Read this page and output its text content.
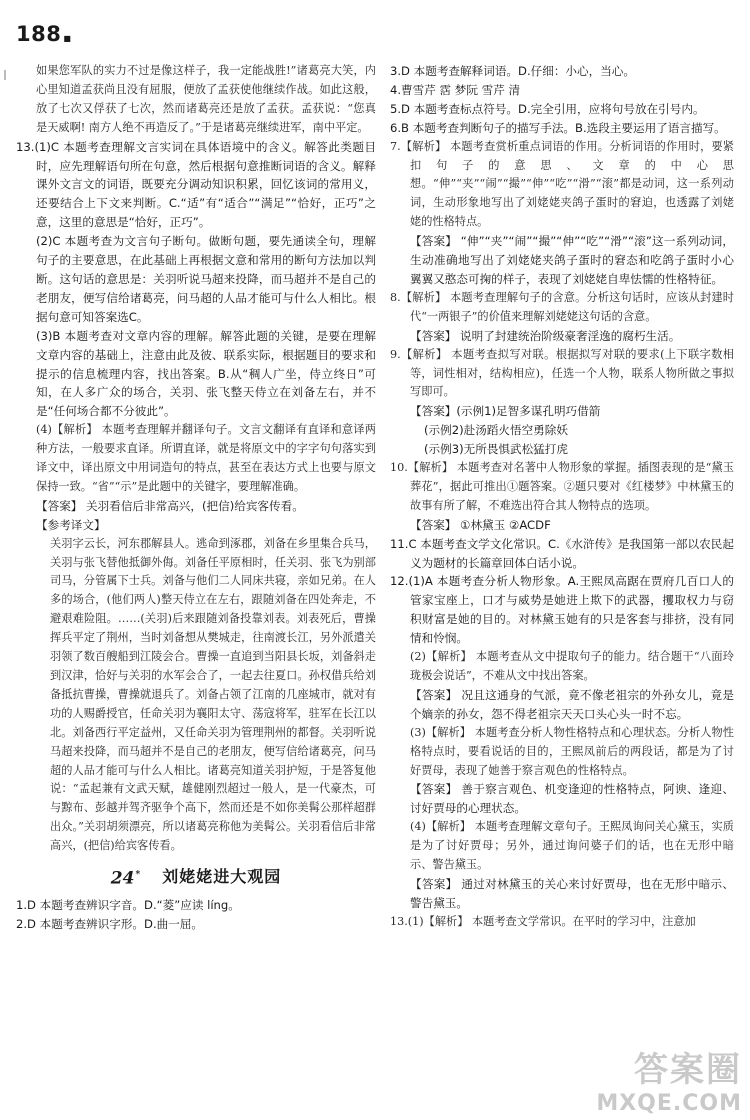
188 ■

如果您军队的实力不过是像这样子，我一定能战胜!”诸葛亮大笑，内心里知道孟获尚且没有屈服，便放了孟获使他继续作战。如此这般，放了七次又俘获了七次，然而诸葛亮还是放了孟获。孟获说：“您真是天威啊! 南方人绝不再造反了。”于是诸葛亮继续进军，南中平定。

13.(1)C 本题考查理解文言实词在具体语境中的含义。解答此类题目时，应先理解语句所在句意，然后根据句意推断词语的含义。解释课外文言文的词语，既要充分调动知识积累，回忆该词的常用义，还要结合上下文来判断。C.“适”有“适合”“满足”“恰好，正巧”之意，这里的意思是“恰好，正巧”。

(2)C 本题考查为文言句子断句。做断句题，要先通读全句，理解句子的主要意思，在此基础上再根据文意和常用的断句方法加以判断。这句话的意思是：关羽听说马超来投降，而马超并不是自己的老朋友，便写信给诸葛亮，问马超的人品才能可与什么人相比。根据句意可知答案选C。

(3)B 本题考查对文章内容的理解。解答此题的关键，是要在理解文章内容的基础上，注意由此及彼、联系实际，根据题目的要求和提示的信息梳理内容，找出答案。B.从“稠人广坐，侍立终日”可知，在人多广众的场合，关羽、张飞整天侍立在刘备左右，并不是“任何场合都不分彼此”。

(4)【解析】 本题考查理解并翻译句子。文言文翻译有直译和意译两种方法，一般要求直译。所谓直译，就是将原文中的字字句句落实到译文中，译出原文中用词造句的特点，甚至在表达方式上也要与原文保持一致。“省”“示”是此题中的关键字，要理解准确。

【答案】 关羽看信后非常高兴，(把信)给宾客传看。

【参考译文】

关羽字云长，河东郡解县人。逃命到涿郡，刘备在乡里集合兵马，关羽与张飞替他抵御外侮。刘备任平原相时，任关羽、张飞为别部司马，分管属下士兵。刘备与他们二人同床共寝，亲如兄弟。在人多的场合，(他们两人)整天侍立在左右，跟随刘备在四处奔走，不避艰难险阻。……(关羽)后来跟随刘备投靠刘表。刘表死后，曹操挥兵平定了荆州，当时刘备想从樊城走，往南渡长江，另外派遣关羽领了数百艘船到江陵会合。曹操一直追到当阳县长坂，刘备斜走到汉津，恰好与关羽的水军会合了，一起去往夏口。孙权借兵给刘备抵抗曹操，曹操就退兵了。刘备占领了江南的几座城市，就对有功的人赐爵授官，任命关羽为襄阳太守、荡寇将军，驻军在长江以北。刘备西行平定益州，又任命关羽为管理荆州的都督。关羽听说马超来投降，而马超并不是自己的老朋友，便写信给诸葛亮，问马超的人品才能可与什么人相比。诸葛亮知道关羽护短，于是答复他说：“孟起兼有文武天赋，雄健刚烈超过一般人，是一代豪杰，可与黥布、彭越并驾齐驱争个高下，然而还是不如你美髯公那样超群出众。”关羽胡须漂亮，所以诸葛亮称他为美髯公。关羽看信后非常高兴，(把信)给宾客传看。

24* 刘姥姥进大观园

1.D 本题考查辨识字音。D.“菱”应读 líng。

2.D 本题考查辨识字形。D.曲一屈。

3.D 本题考查解释词语。D.仔细：小心，当心。

4.曹雪芹 霑 梦阮 雪芹 清

5.D 本题考查标点符号。D.完全引用，应将句号放在引号内。

6.B 本题考查判断句子的描写手法。B.选段主要运用了语言描写。

7.【解析】 本题考查赏析重点词语的作用。分析词语的作用时，要紧扣句子的意思、文章的中心思想。“伸”“夹”“闹”“撮”“伸”“吃”“滑”“滚”都是动词，这一系列动词，生动形象地写出了刘姥姥夹鸽子蛋时的窘迫，也透露了刘姥姥的性格特点。

【答案】 “伸”“夹”“闹”“撮”“伸”“吃”“滑”“滚”这一系列动词，生动准确地写出了刘姥姥夹鸽子蛋时的窘态和吃鸽子蛋时小心翼翼又憨态可掬的样子，表现了刘姥姥自卑怯懦的性格特征。

8.【解析】 本题考查理解句子的含意。分析这句话时，应该从封建时代“一两银子”的价值来理解刘姥姥这句话的含意。

【答案】 说明了封建统治阶级豪奢淫逸的腐朽生活。

9.【解析】 本题考查拟写对联。根据拟写对联的要求(上下联字数相等，词性相对，结构相应)，任选一个人物，联系人物所做之事拟写即可。

【答案】(示例1)足智多谋孔明巧借箭

(示例2)赴汤蹈火悟空勇除妖

(示例3)无所畏惧武松猛打虎

10.【解析】 本题考查对名著中人物形象的掌握。插图表现的是“黛玉葬花”，据此可推出①题答案。②题只要对《红楼梦》中林黛玉的故事有所了解，不难选出符合其人物特点的选项。

【答案】 ①林黛玉 ②ACDF

11.C 本题考查文学文化常识。C.《水浒传》是我国第一部以农民起义为题材的长篇章回体白话小说。

12.(1)A 本题考查分析人物形象。A.王熙凤高踞在贾府几百口人的管家宝座上，口才与威势是她进上欺下的武器，攫取权力与窃积财富是她的目的。对林黛玉她有的只是客套与排挤，没有同情和怜悯。

(2)【解析】 本题考查从文中提取句子的能力。结合题干“八面玲珑极会说话”，不难从文中找出答案。

【答案】 况且这通身的气派，竟不像老祖宗的外孙女儿，竟是个嫡亲的孙女，怨不得老祖宗天天口头心头一时不忘。

(3)【解析】 本题考查分析人物性格特点和心理状态。分析人物性格特点时，要看说话的目的，王熙凤前后的两段话，都是为了讨好贾母，表现了她善于察言观色的性格特点。

【答案】 善于察言观色、机变逢迎的性格特点，阿谀、逢迎、讨好贾母的心理状态。

(4)【解析】 本题考查理解文章句子。王熙凤询问关心黛玉，实质是为了讨好贾母；另外，通过询问婆子们的话，也在无形中暗示、警告黛玉。

【答案】 通过对林黛玉的关心来讨好贾母，也在无形中暗示、警告黛玉。

13.(1)【解析】 本题考查文学常识。在平时的学习中，注意加

答案圈
MXQE.COM
